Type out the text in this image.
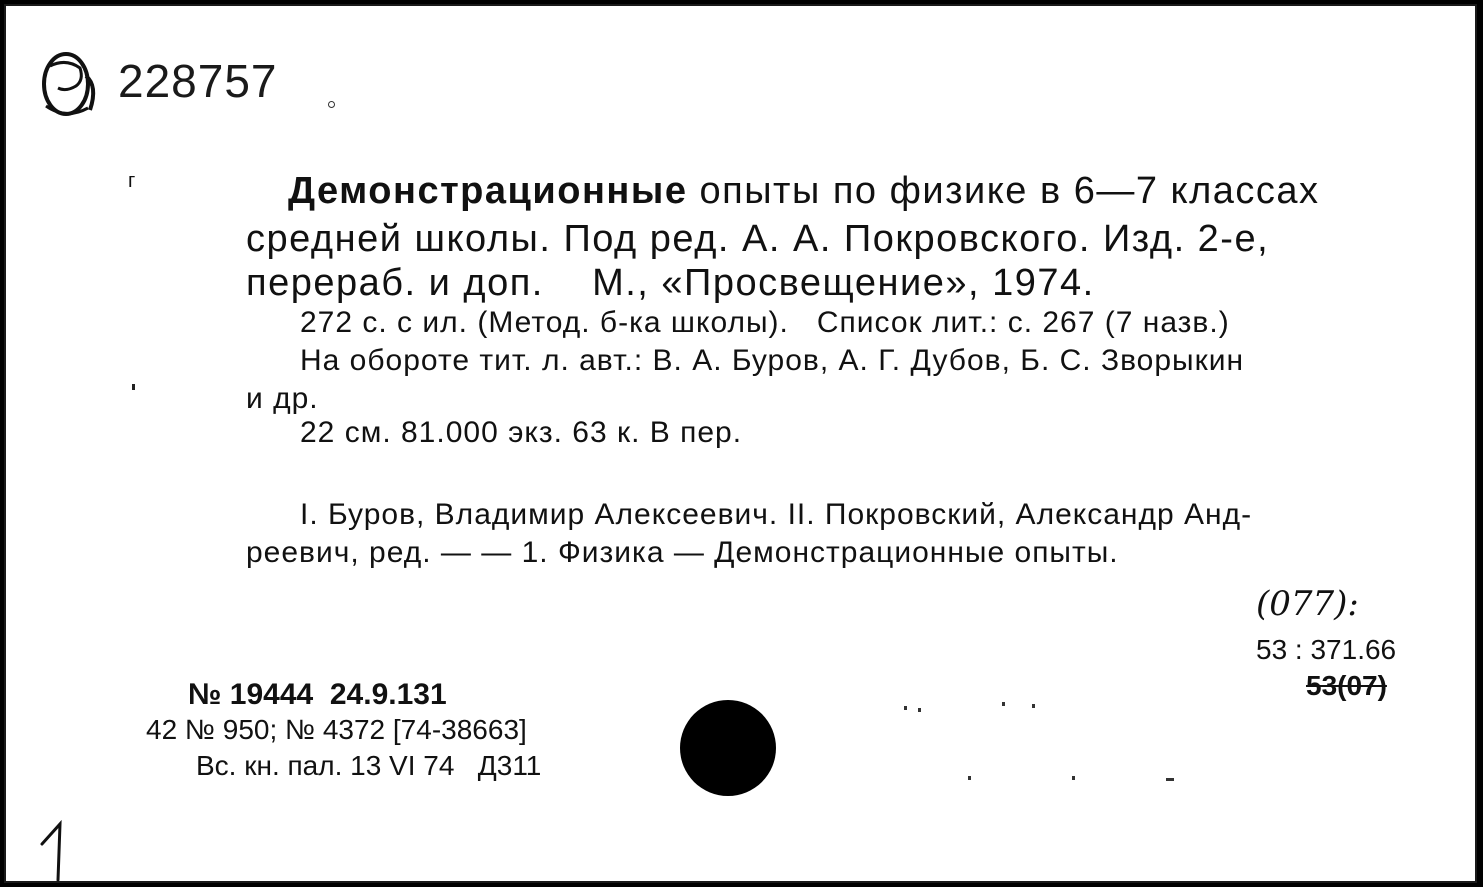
228757
г	Демонстрационные опыты по физике в 6—7 классах
средней школы. Под ред. А. А. Покровского. Изд. 2-е,
перераб. и доп.    М., «Просвещение», 1974.
272 с. с ил. (Метод. б-ка школы).   Список лит.: с. 267 (7 назв.)
На обороте тит. л. авт.: В. А. Буров, А. Г. Дубов, Б. С. Зворыкин
и др.
22 см. 81.000 экз. 63 к. В пер.
I. Буров, Владимир Алексеевич. II. Покровский, Александр Анд-
реевич, ред. — — 1. Физика — Демонстрационные опыты.
(077):
53 : 371.66
53(07)
№ 19444  24.9.131
42 № 950; № 4372 [74-38663]
Вс. кн. пал. 13 VI 74   Д311
